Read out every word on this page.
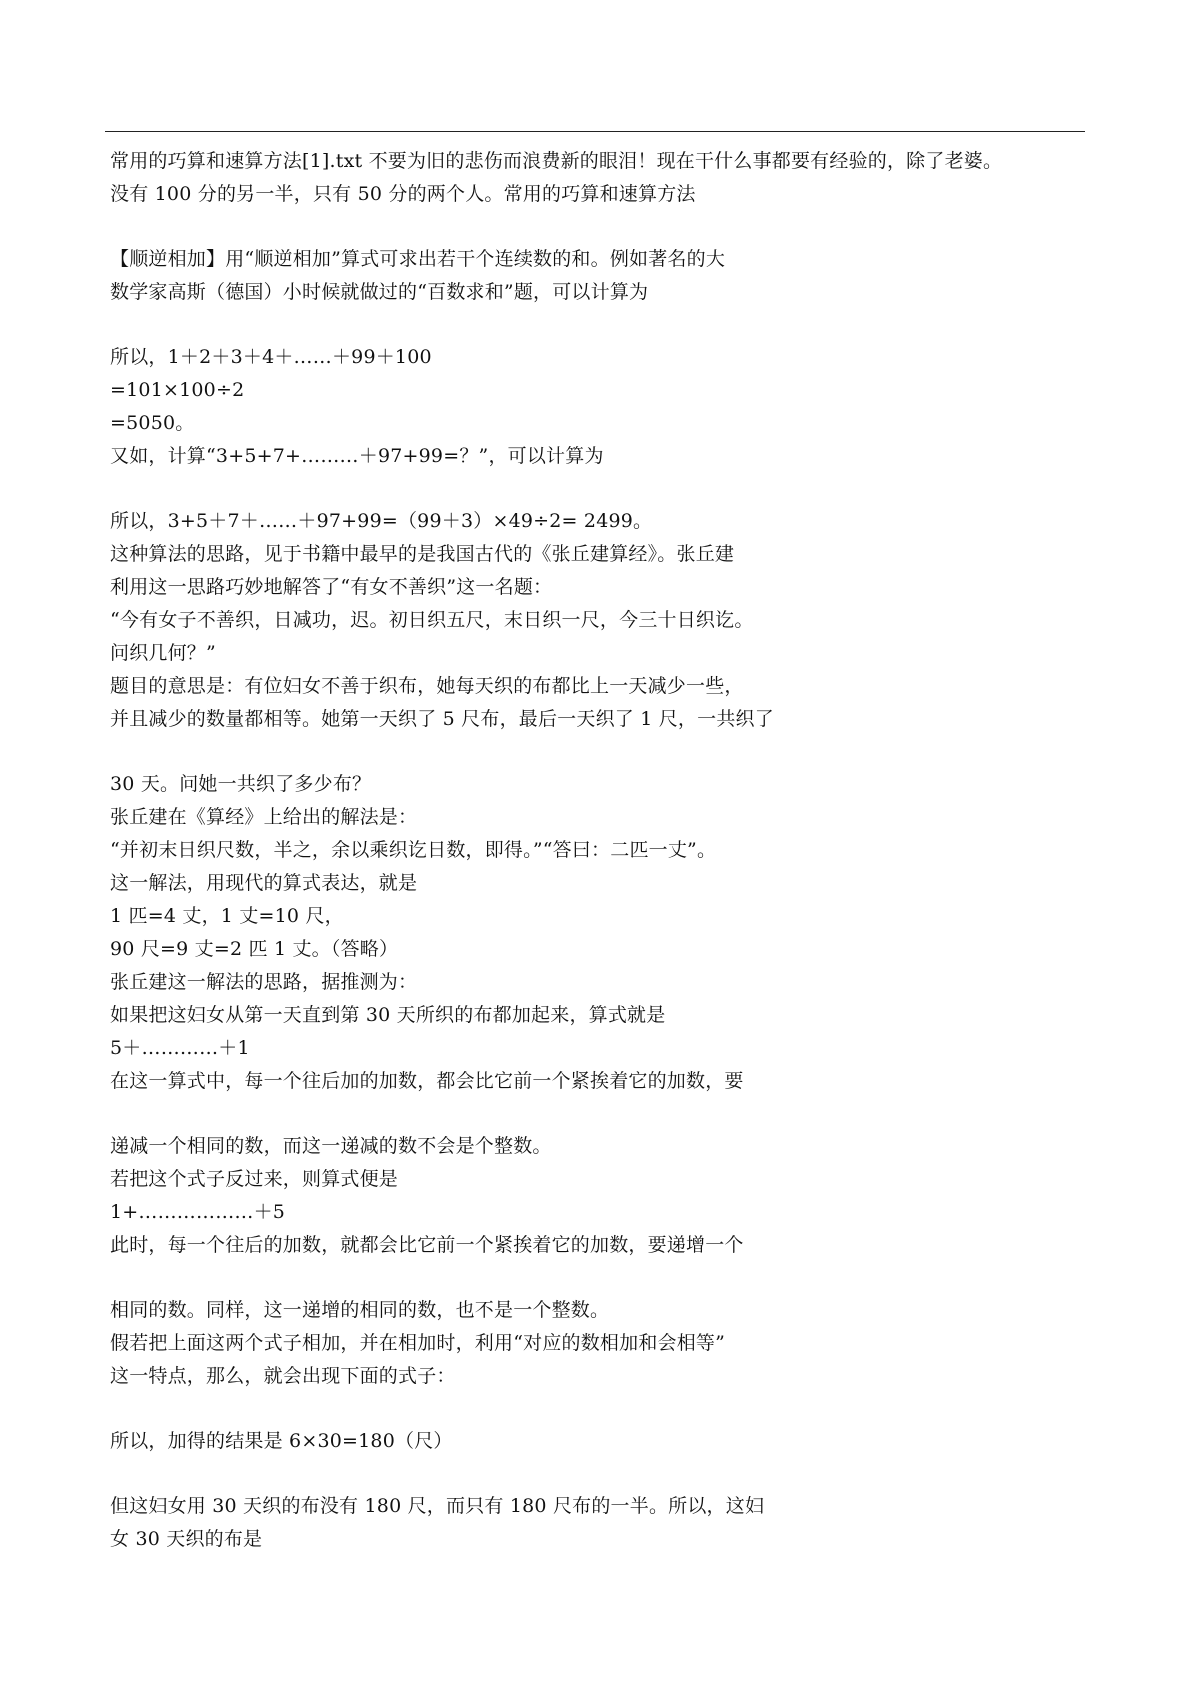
常用的巧算和速算方法[1].txt 不要为旧的悲伤而浪费新的眼泪！现在干什么事都要有经验的，除了老婆。
没有 100 分的另一半，只有 50 分的两个人。常用的巧算和速算方法
【顺逆相加】用“顺逆相加”算式可求出若干个连续数的和。例如著名的大
数学家高斯（德国）小时候就做过的“百数求和”题，可以计算为
所以，1＋2＋3＋4＋……＋99＋100
=101×100÷2
=5050。
又如，计算“3+5+7+………＋97+99=？”，可以计算为
所以，3+5＋7＋……＋97+99=（99＋3）×49÷2= 2499。
这种算法的思路，见于书籍中最早的是我国古代的《张丘建算经》。张丘建
利用这一思路巧妙地解答了“有女不善织”这一名题：
“今有女子不善织，日减功，迟。初日织五尺，末日织一尺，今三十日织讫。
问织几何？”
题目的意思是：有位妇女不善于织布，她每天织的布都比上一天减少一些，
并且减少的数量都相等。她第一天织了 5 尺布，最后一天织了 1 尺，一共织了
30 天。问她一共织了多少布？
张丘建在《算经》上给出的解法是：
“并初末日织尺数，半之，余以乘织讫日数，即得。”“答曰：二匹一丈”。
这一解法，用现代的算式表达，就是
1 匹=4 丈，1 丈=10 尺，
90 尺=9 丈=2 匹 1 丈。（答略）
张丘建这一解法的思路，据推测为：
如果把这妇女从第一天直到第 30 天所织的布都加起来，算式就是
5＋…………＋1
在这一算式中，每一个往后加的加数，都会比它前一个紧挨着它的加数，要
递减一个相同的数，而这一递减的数不会是个整数。
若把这个式子反过来，则算式便是
1+………………＋5
此时，每一个往后的加数，就都会比它前一个紧挨着它的加数，要递增一个
相同的数。同样，这一递增的相同的数，也不是一个整数。
假若把上面这两个式子相加，并在相加时，利用“对应的数相加和会相等”
这一特点，那么，就会出现下面的式子：
所以，加得的结果是 6×30=180（尺）
但这妇女用 30 天织的布没有 180 尺，而只有 180 尺布的一半。所以，这妇
女 30 天织的布是
